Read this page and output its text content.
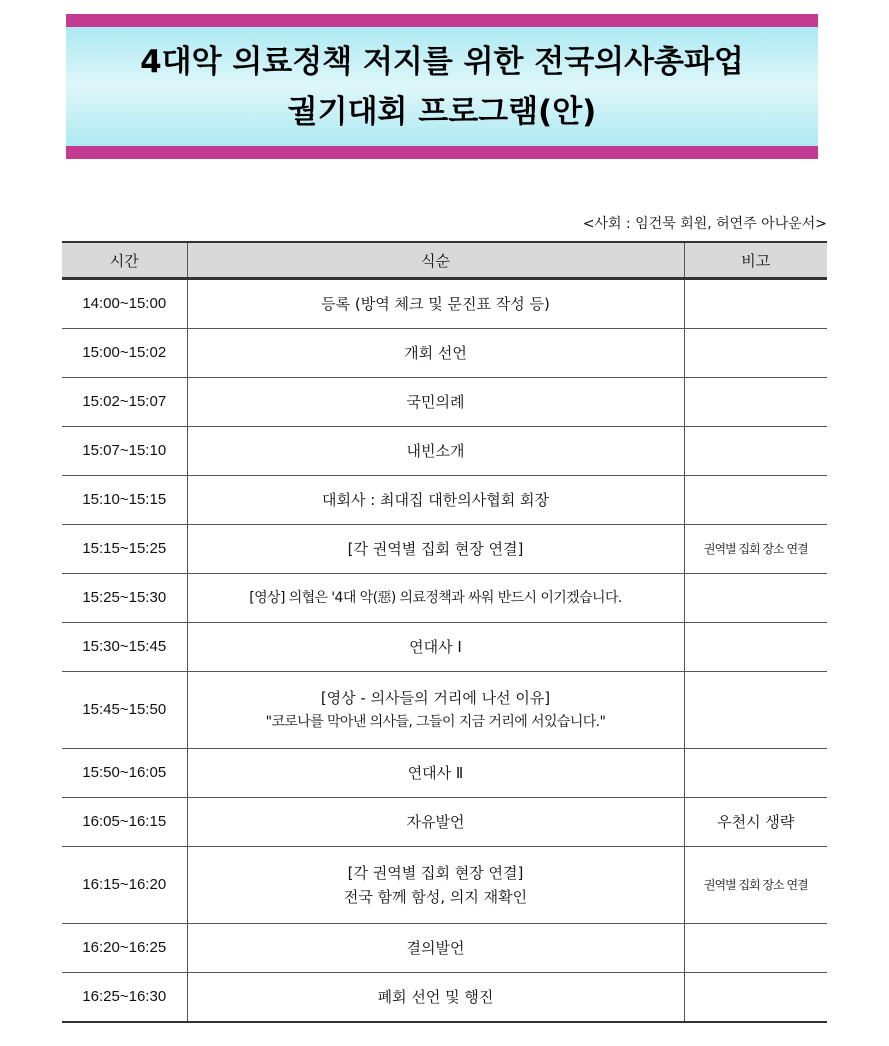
4대악 의료정책 저지를 위한 전국의사총파업
궐기대회 프로그램(안)
<사회 : 임건묵 회원, 허연주 아나운서>
시간	식순	비고
14:00~15:00	등록 (방역 체크 및 문진표 작성 등)	

15:00~15:02	개회 선언	

15:02~15:07	국민의례	

15:07~15:10	내빈소개	

15:10~15:15	대회사 : 최대집 대한의사협회 회장	

15:15~15:25	[각 권역별 집회 현장 연결]	권역별 집회 장소 연결
15:25~15:30	[영상] 의협은 '4대 악(惡) 의료정책과 싸워 반드시 이기겠습니다.	

15:30~15:45	연대사 Ⅰ	

15:45~15:50	[영상 - 의사들의 거리에 나선 이유]
"코로나를 막아낸 의사들, 그들이 지금 거리에 서있습니다."	

15:50~16:05	연대사 Ⅱ	

16:05~16:15	자유발언	우천시 생략
16:15~16:20	[각 권역별 집회 현장 연결]
전국 함께 함성, 의지 재확인	권역별 집회 장소 연결
16:20~16:25	결의발언	

16:25~16:30	폐회 선언 및 행진	
